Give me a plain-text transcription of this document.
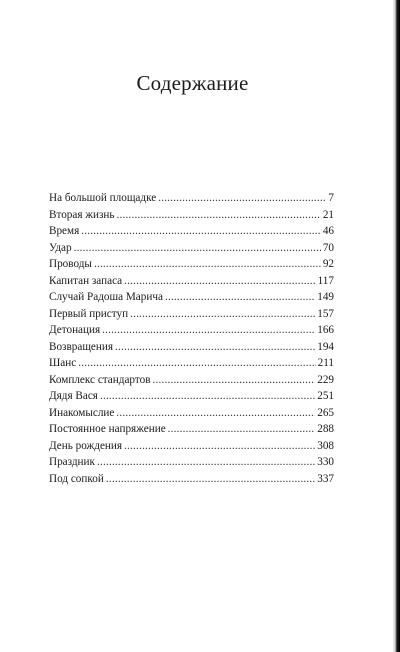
Содержание
На большой площадке . . .	7
Вторая жизнь . . .	21
Время . . .	46
Удар . . .	70
Проводы . . .	92
Капитан запаса . . .	117
Случай Радоша Марича . . .	149
Первый приступ . . .	157
Детонация . . .	166
Возвращения . . .	194
Шанс . . .	211
Комплекс стандартов . . .	229
Дядя Вася . . .	251
Инакомыслие . . .	265
Постоянное напряжение . . .	288
День рождения . . .	308
Праздник . . .	330
Под сопкой . . .	337
